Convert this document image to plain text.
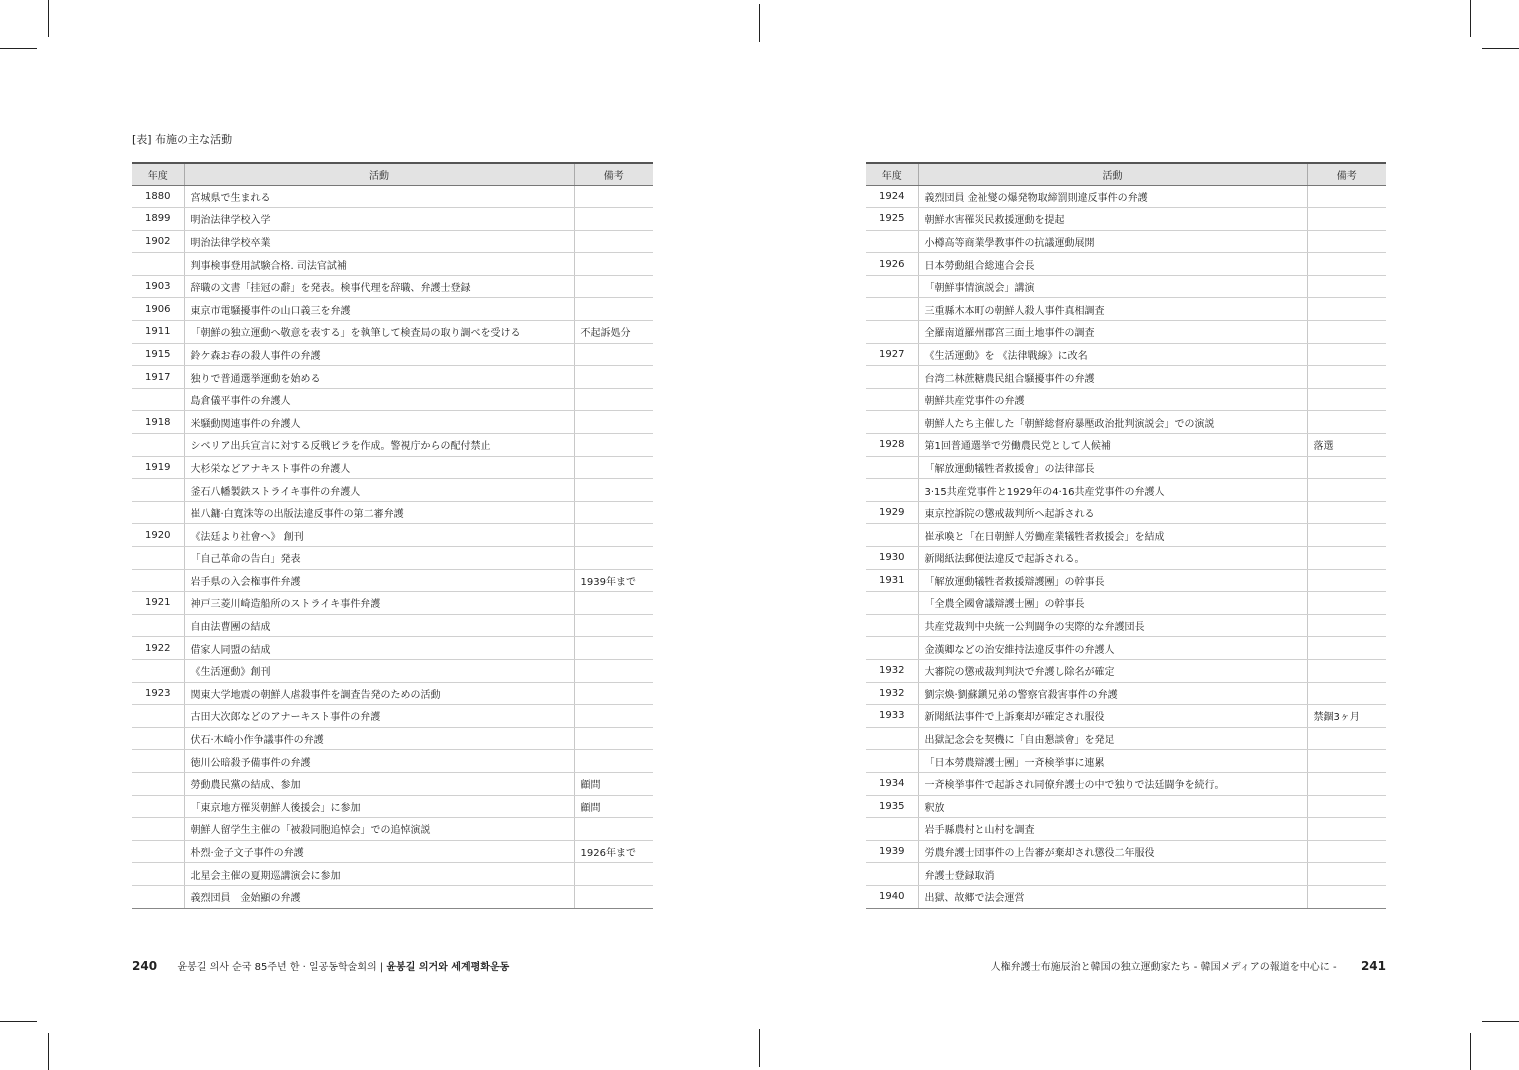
[表] 布施の主な活動
年度	活動	備考
1880	宮城県で生まれる	
1899	明治法律学校入学	
1902	明治法律学校卒業	
	判事検事登用試験合格. 司法官試補	
1903	辞職の文書「挂冠の辭」を発表。検事代理を辞職、弁護士登録	
1906	東京市電騒擾事件の山口義三を弁護	
1911	「朝鮮の独立運動へ敬意を表する」を執筆して検査局の取り調べを受ける	不起訴処分
1915	鈴ケ森お春の殺人事件の弁護	
1917	独りで普通選挙運動を始める	
	島倉儀平事件の弁護人	
1918	米騒動関連事件の弁護人	
	シベリア出兵宣言に対する反戦ビラを作成。警視庁からの配付禁止	
1919	大杉栄などアナキスト事件の弁護人	
	釜石八幡製鉄ストライキ事件の弁護人	
	崔八鏞·白寬洙等の出版法違反事件の第二審弁護	
1920	《法廷より社會へ》 創刊	
	「自己革命の告白」発表	
	岩手県の入会権事件弁護	1939年まで
1921	神戸三菱川崎造船所のストライキ事件弁護	
	自由法曹團の結成	
1922	借家人同盟の結成	
	《生活運動》創刊	
1923	関東大学地震の朝鮮人虐殺事件を調査告発のための活動	
	古田大次郎などのアナーキスト事件の弁護	
	伏石·木崎小作争議事件の弁護	
	徳川公暗殺予備事件の弁護	
	勞動農民黨の結成、参加	顧問
	「東京地方罹災朝鮮人後援会」に参加	顧問
	朝鮮人留学生主催の「被殺同胞追悼会」での追悼演説	
	朴烈·金子文子事件の弁護	1926年まで
	北星会主催の夏期巡講演会に参加	
	義烈団員　金始顯の弁護	
年度	活動	備考
1924	義烈団員 金祉燮の爆発物取締罰則違反事件の弁護	
1925	朝鮮水害罹災民救援運動を提起	
	小樽高等商業學教事件の抗議運動展開	
1926	日本勞動組合総連合会長	
	「朝鮮事情演説会」講演	
	三重縣木本町の朝鮮人殺人事件真相調査	
	全羅南道羅州郡宮三面土地事件の調査	
1927	《生活運動》を 《法律戰線》に改名	
	台湾二林蔗糖農民組合騒擾事件の弁護	
	朝鮮共産党事件の弁護	
	朝鮮人たち主催した「朝鮮総督府暴壓政治批判演説会」での演説	
1928	第1回普通選挙で労働農民党として人候補	落選
	「解放運動犠牲者救援會」の法律部長	
	3·15共産党事件と1929年の4·16共産党事件の弁護人	
1929	東京控訴院の懲戒裁判所へ起訴される	
	崔承喚と「在日朝鮮人労働産業犠牲者救援会」を結成	
1930	新聞紙法郵便法違反で起訴される。	
1931	「解放運動犠牲者救援辯護團」の幹事長	
	「全農全國會議辯護士團」の幹事長	
	共産党裁判中央統一公判闘争の実際的な弁護団長	
	金漢卿などの治安維持法違反事件の弁護人	
1932	大審院の懲戒裁判判決で弁護し除名が確定	
1932	劉宗煥·劉蘇鎭兄弟の警察官殺害事件の弁護	
1933	新聞紙法事件で上訴棄却が確定され服役	禁錮3ヶ月
	出獄記念会を契機に「自由懇談會」を発足	
	「日本勞農辯護士團」一斉検挙事に連累	
1934	一斉検挙事件で起訴され同僚弁護士の中で独りで法廷闘争を続行。	
1935	釈放	
	岩手縣農村と山村を調査	
1939	労農弁護士団事件の上告審が棄却され懲役二年服役	
	弁護士登録取消	
1940	出獄、故郷で法会運営	
240 윤봉길 의사 순국 85주년 한 · 일공동학술회의 | 윤봉길 의거와 세계평화운동	人権弁護士布施辰治と韓国の独立運動家たち - 韓国メディアの報道を中心に - 241
